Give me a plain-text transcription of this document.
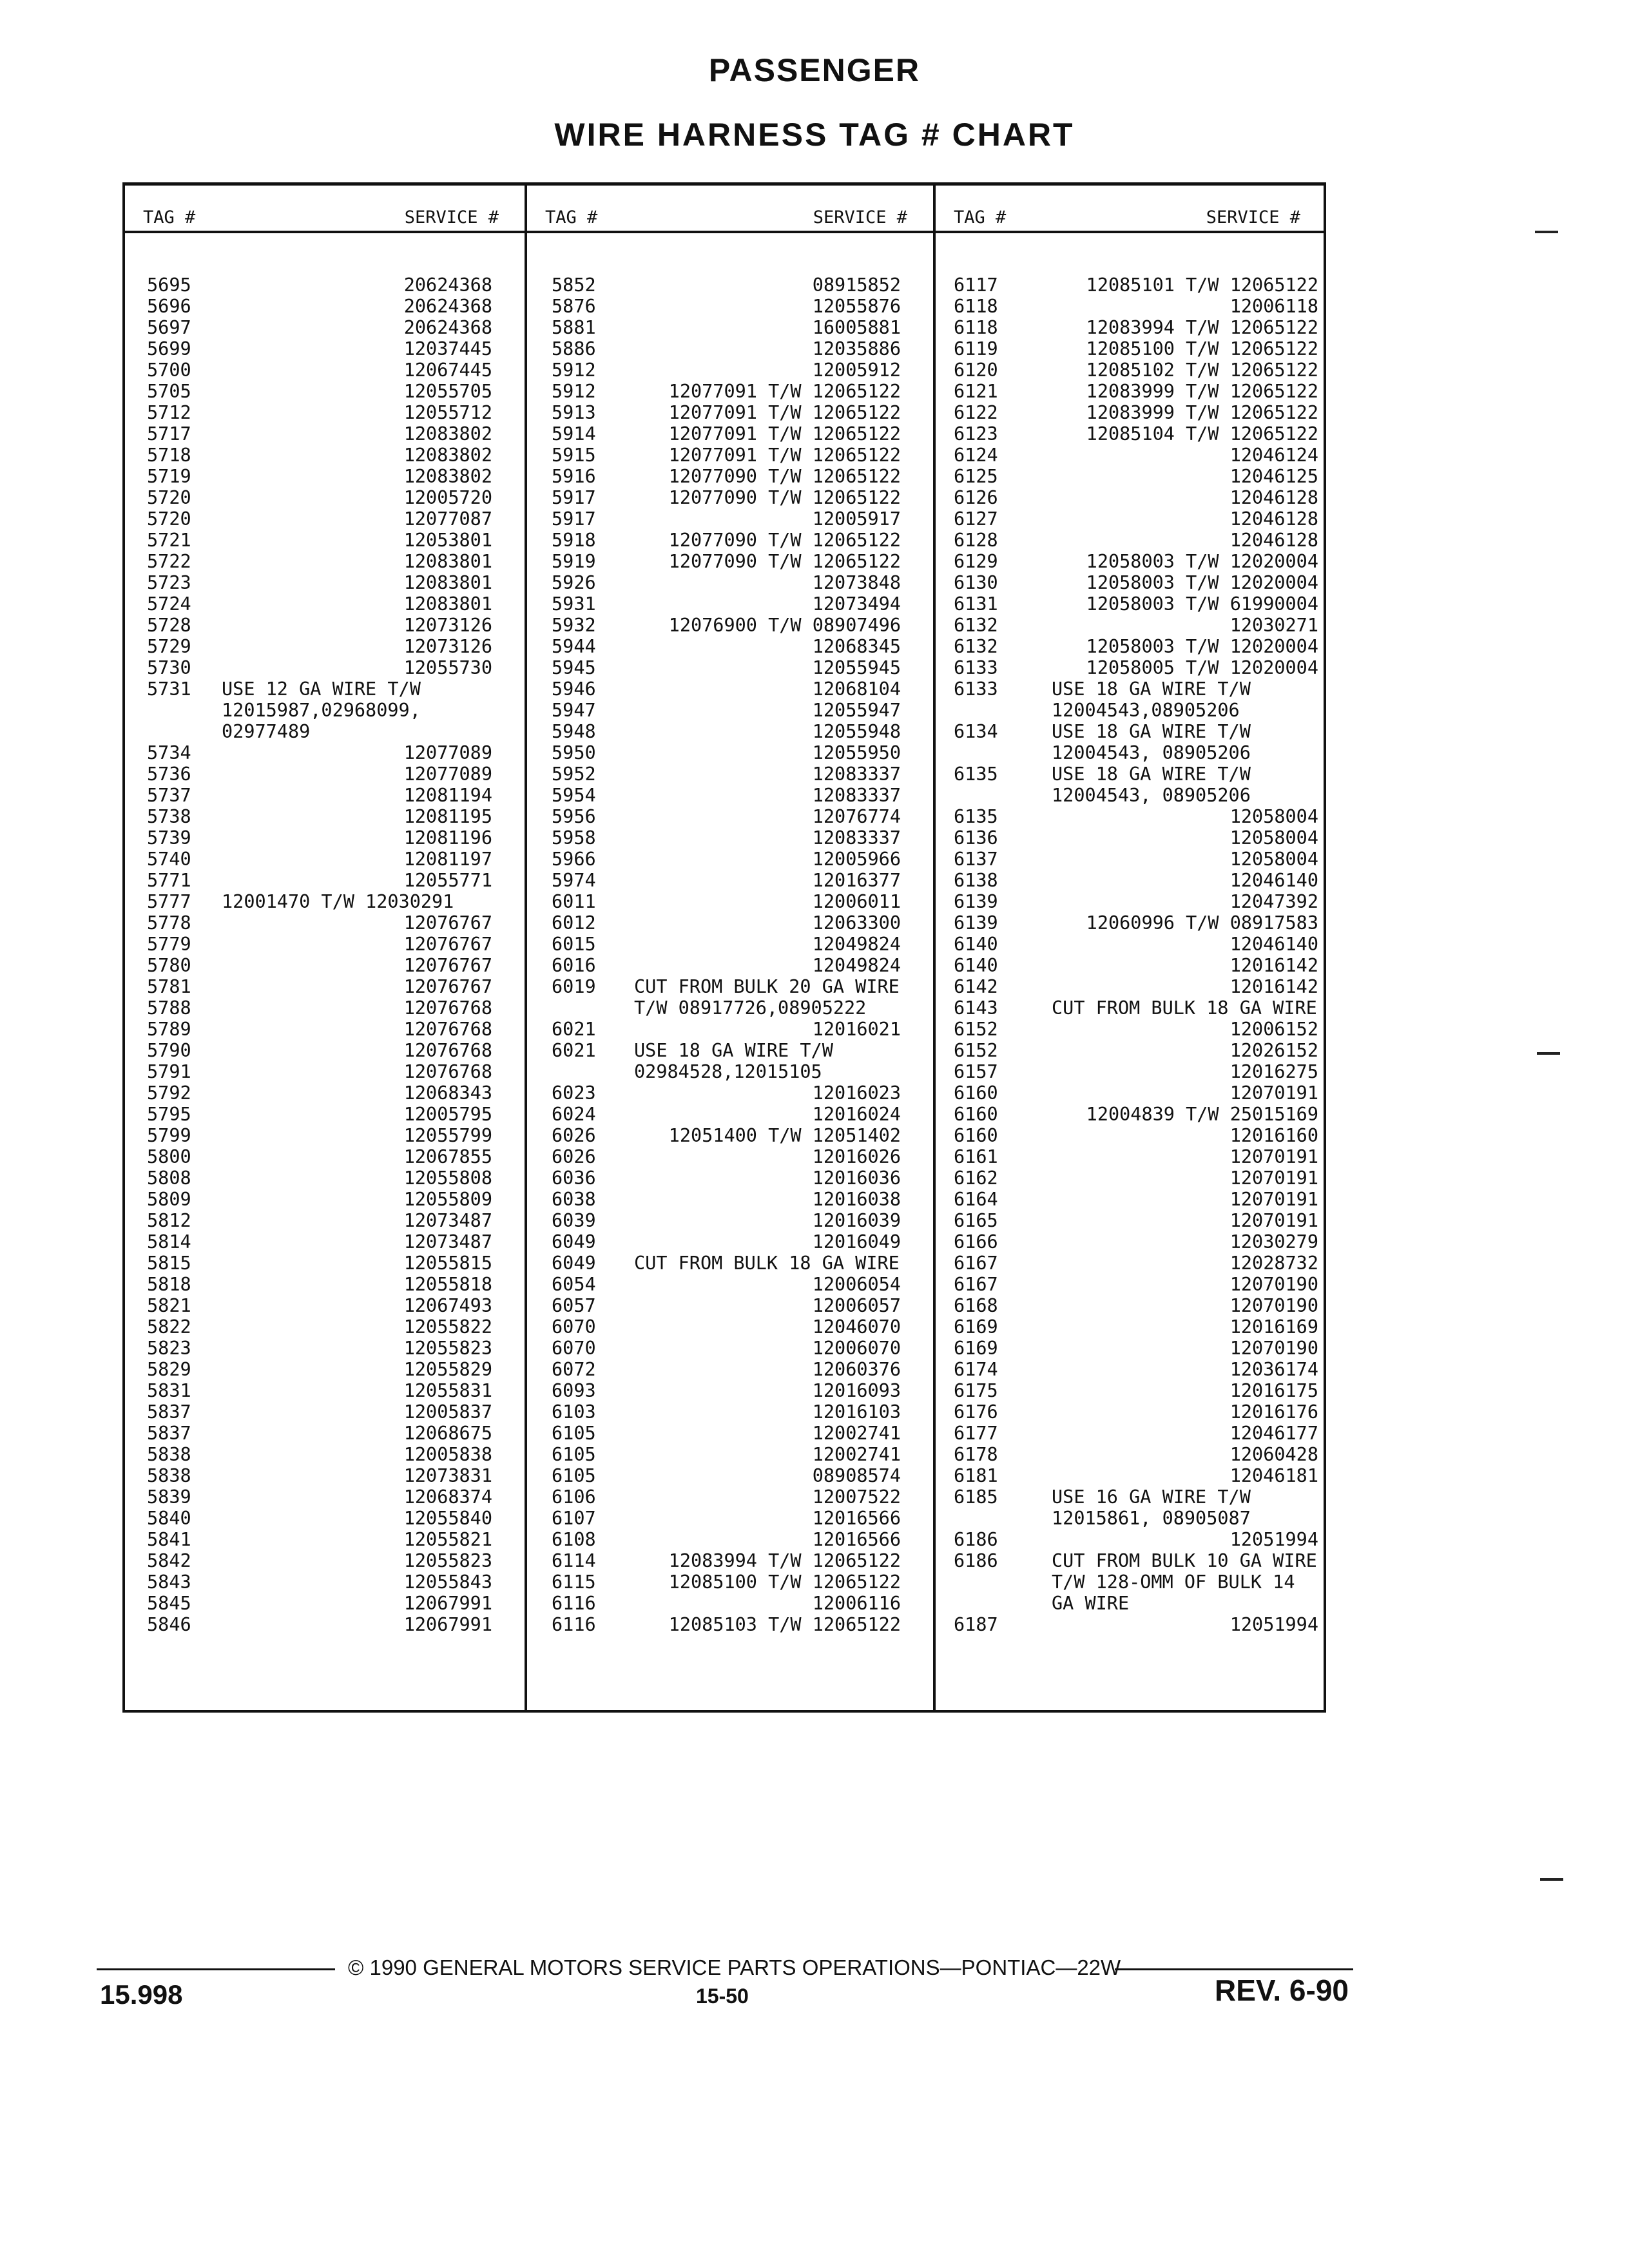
PASSENGER
WIRE HARNESS TAG # CHART
TAG #	SERVICE #
5695	20624368
5696	20624368
5697	20624368
5699	12037445
5700	12067445
5705	12055705
5712	12055712
5717	12083802
5718	12083802
5719	12083802
5720	12005720
5720	12077087
5721	12053801
5722	12083801
5723	12083801
5724	12083801
5728	12073126
5729	12073126
5730	12055730
5731 USE 12 GA WIRE T/W
12015987,02968099,
02977489
5734	12077089
5736	12077089
5737	12081194
5738	12081195
5739	12081196
5740	12081197
5771	12055771
5777 12001470 T/W 12030291
5778	12076767
5779	12076767
5780	12076767
5781	12076767
5788	12076768
5789	12076768
5790	12076768
5791	12076768
5792	12068343
5795	12005795
5799	12055799
5800	12067855
5808	12055808
5809	12055809
5812	12073487
5814	12073487
5815	12055815
5818	12055818
5821	12067493
5822	12055822
5823	12055823
5829	12055829
5831	12055831
5837	12005837
5837	12068675
5838	12005838
5838	12073831
5839	12068374
5840	12055840
5841	12055821
5842	12055823
5843	12055843
5845	12067991
5846	12067991
TAG #	SERVICE #
5852	08915852
5876	12055876
5881	16005881
5886	12035886
5912	12005912
5912	12077091 T/W 12065122
5913	12077091 T/W 12065122
5914	12077091 T/W 12065122
5915	12077091 T/W 12065122
5916	12077090 T/W 12065122
5917	12077090 T/W 12065122
5917	12005917
5918	12077090 T/W 12065122
5919	12077090 T/W 12065122
5926	12073848
5931	12073494
5932	12076900 T/W 08907496
5944	12068345
5945	12055945
5946	12068104
5947	12055947
5948	12055948
5950	12055950
5952	12083337
5954	12083337
5956	12076774
5958	12083337
5966	12005966
5974	12016377
6011	12006011
6012	12063300
6015	12049824
6016	12049824
6019 CUT FROM BULK 20 GA WIRE
T/W 08917726,08905222
6021	12016021
6021 USE 18 GA WIRE T/W
02984528,12015105
6023	12016023
6024	12016024
6026	12051400 T/W 12051402
6026	12016026
6036	12016036
6038	12016038
6039	12016039
6049	12016049
6049 CUT FROM BULK 18 GA WIRE
6054	12006054
6057	12006057
6070	12046070
6070	12006070
6072	12060376
6093	12016093
6103	12016103
6105	12002741
6105	12002741
6105	08908574
6106	12007522
6107	12016566
6108	12016566
6114	12083994 T/W 12065122
6115	12085100 T/W 12065122
6116	12006116
6116	12085103 T/W 12065122
TAG #	SERVICE #
6117	12085101 T/W 12065122
6118	12006118
6118	12083994 T/W 12065122
6119	12085100 T/W 12065122
6120	12085102 T/W 12065122
6121	12083999 T/W 12065122
6122	12083999 T/W 12065122
6123	12085104 T/W 12065122
6124	12046124
6125	12046125
6126	12046128
6127	12046128
6128	12046128
6129	12058003 T/W 12020004
6130	12058003 T/W 12020004
6131	12058003 T/W 61990004
6132	12030271
6132	12058003 T/W 12020004
6133	12058005 T/W 12020004
6133	USE 18 GA WIRE T/W
12004543,08905206
6134	USE 18 GA WIRE T/W
12004543, 08905206
6135	USE 18 GA WIRE T/W
12004543, 08905206
6135	12058004
6136	12058004
6137	12058004
6138	12046140
6139	12047392
6139	12060996 T/W 08917583
6140	12046140
6140	12016142
6142	12016142
6143	CUT FROM BULK 18 GA WIRE
6152	12006152
6152	12026152
6157	12016275
6160	12070191
6160	12004839 T/W 25015169
6160	12016160
6161	12070191
6162	12070191
6164	12070191
6165	12070191
6166	12030279
6167	12028732
6167	12070190
6168	12070190
6169	12016169
6169	12070190
6174	12036174
6175	12016175
6176	12016176
6177	12046177
6178	12060428
6181	12046181
6185	USE 16 GA WIRE T/W
12015861, 08905087
6186	12051994
6186	CUT FROM BULK 10 GA WIRE
T/W 128-OMM OF BULK 14
GA WIRE
6187	12051994
© 1990 GENERAL MOTORS SERVICE PARTS OPERATIONS—PONTIAC—22W
15.998	15-50	REV. 6-90
